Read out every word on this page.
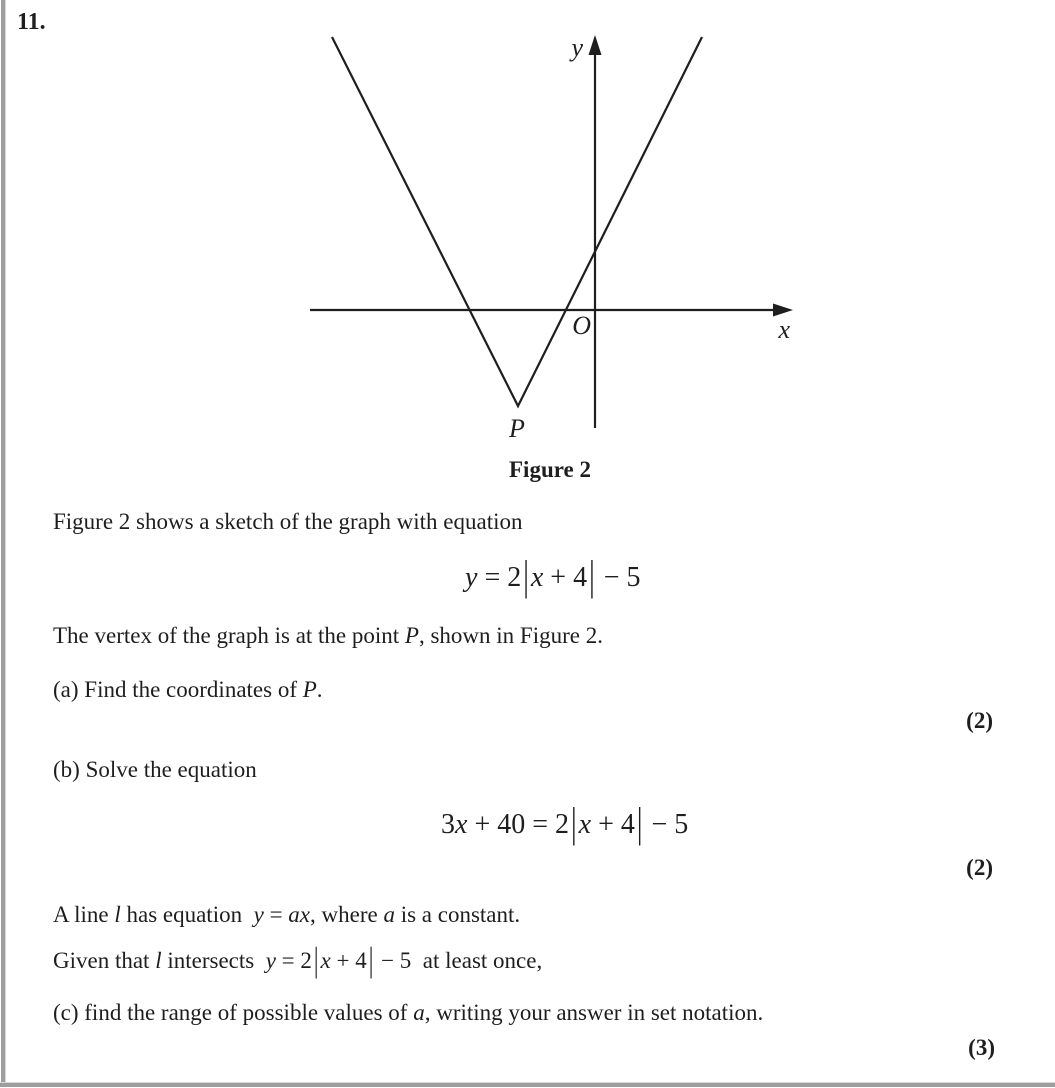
11.
y
x
O
P
Figure 2
Figure 2 shows a sketch of the graph with equation
y = 2|x + 4| − 5
The vertex of the graph is at the point P, shown in Figure 2.
(a) Find the coordinates of P.
(2)
(b) Solve the equation
3x + 40 = 2|x + 4| − 5
(2)
A line l has equation  y = ax, where a is a constant.
Given that l intersects  y = 2|x + 4| − 5  at least once,
(c) find the range of possible values of a, writing your answer in set notation.
(3)
